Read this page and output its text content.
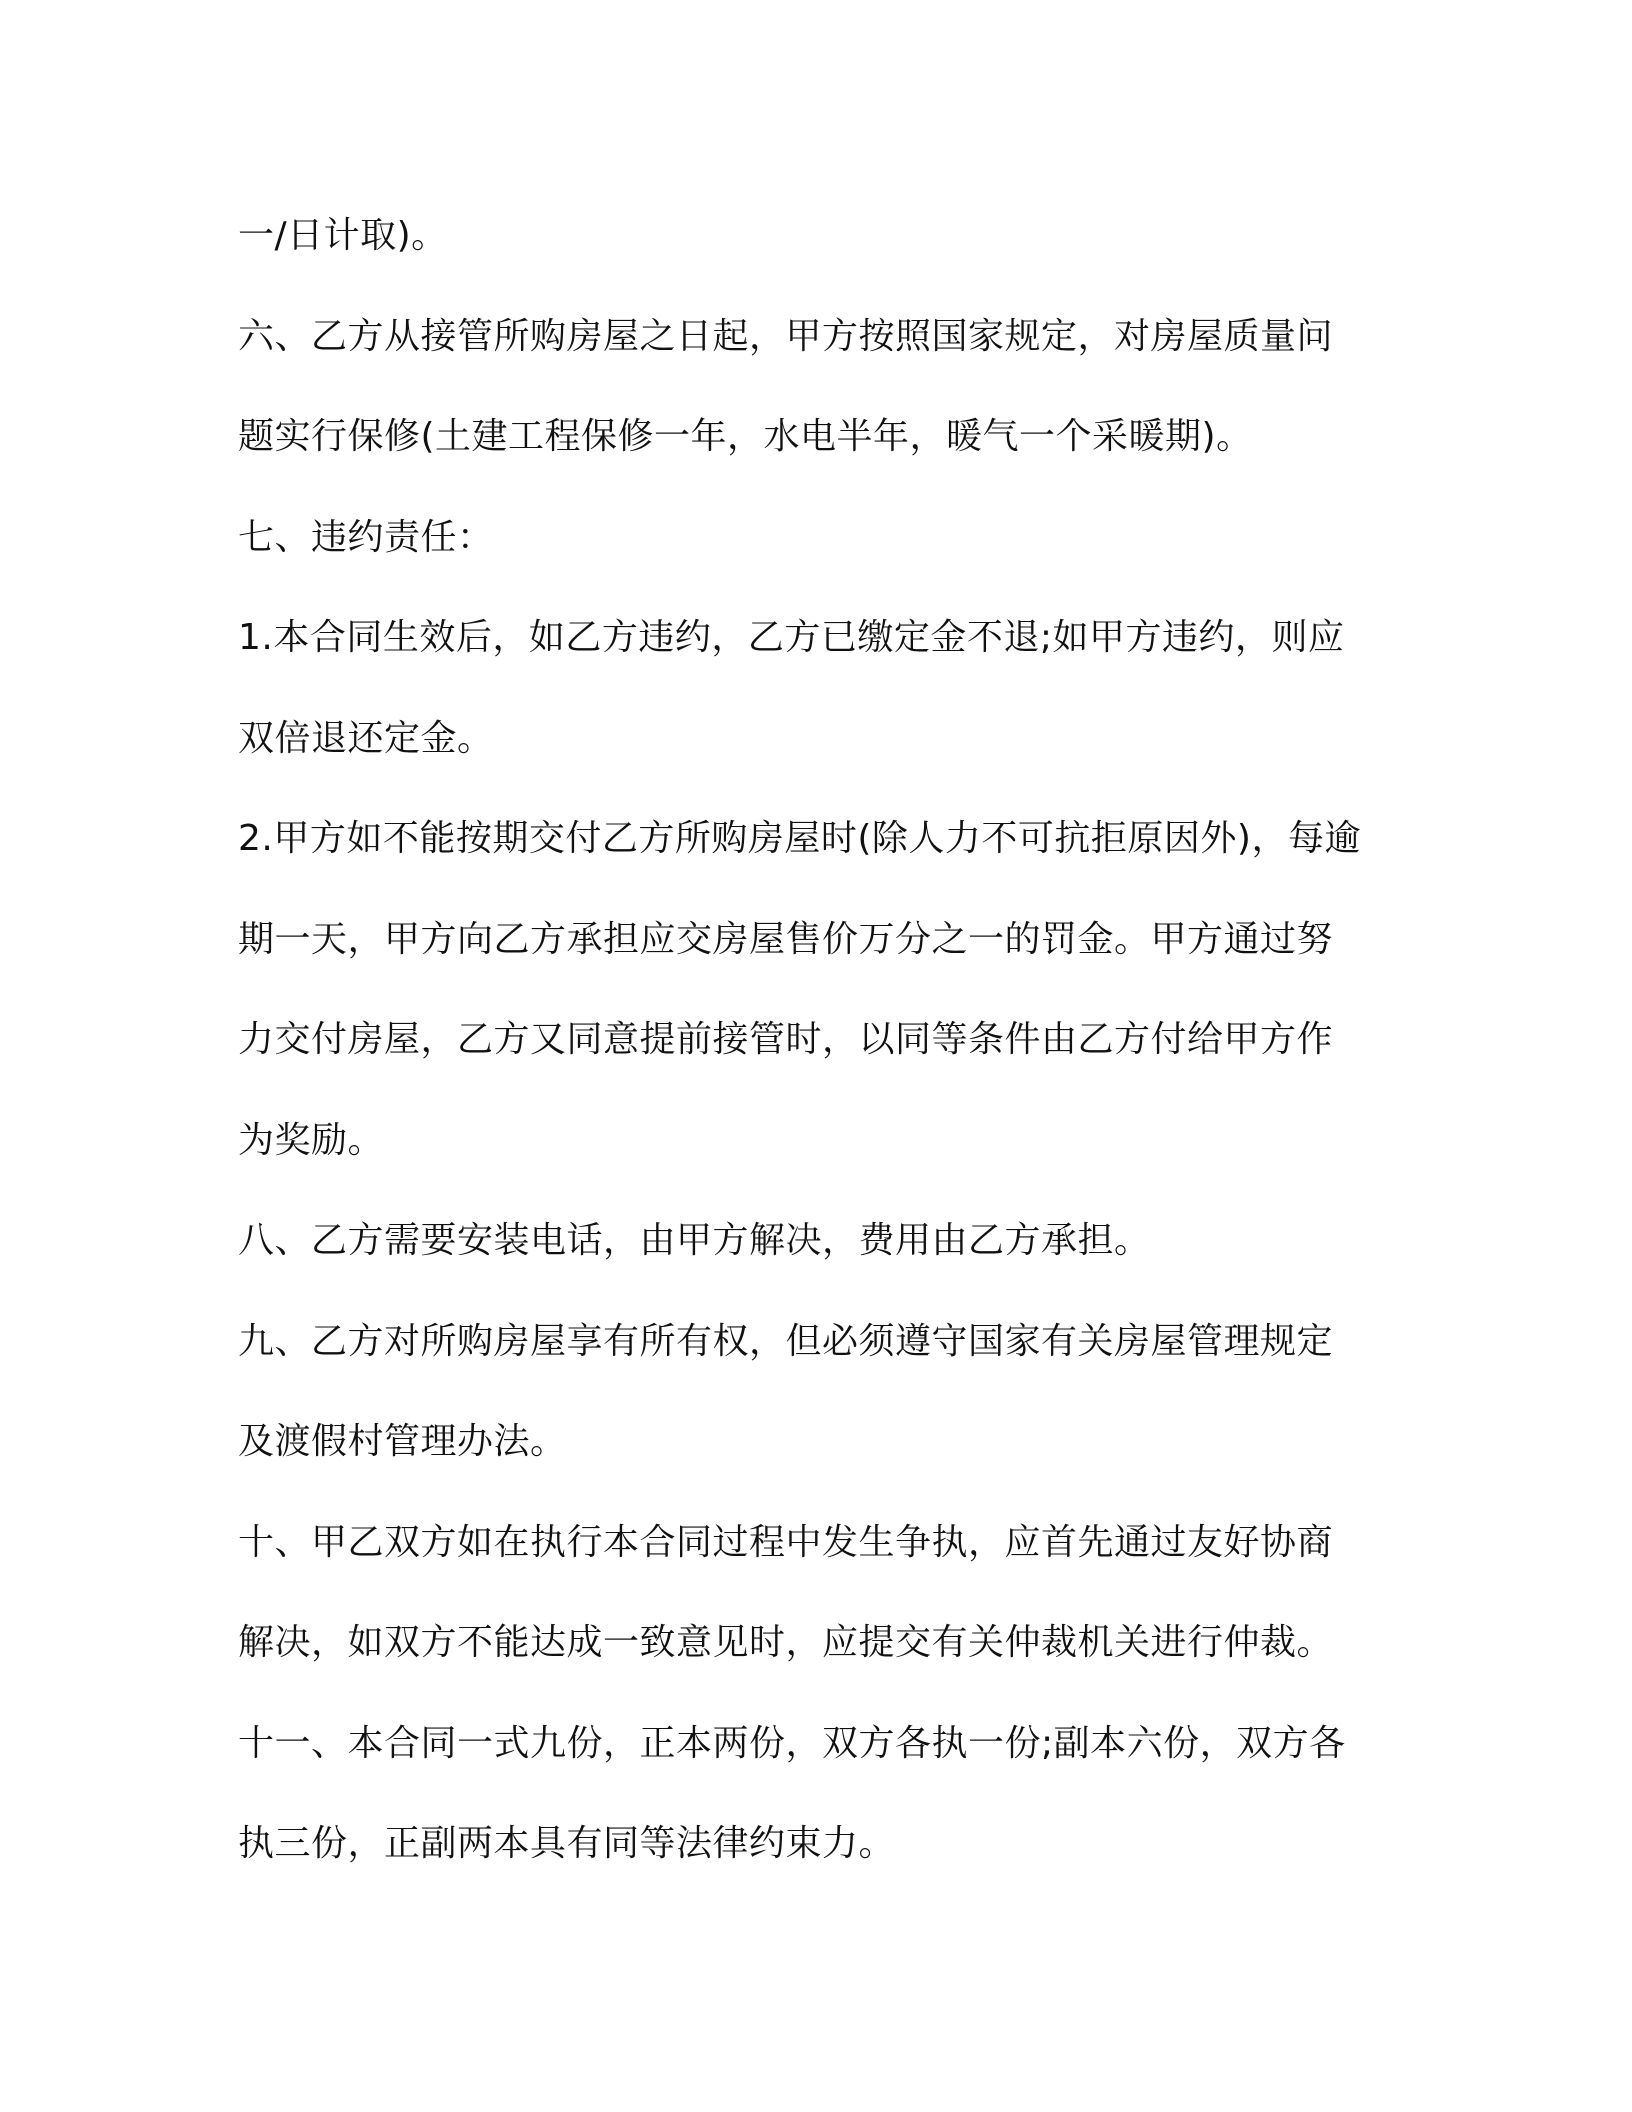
一/日计取)。
六、乙方从接管所购房屋之日起，甲方按照国家规定，对房屋质量问
题实行保修(土建工程保修一年，水电半年，暖气一个采暖期)。
七、违约责任：
1.本合同生效后，如乙方违约，乙方已缴定金不退;如甲方违约，则应
双倍退还定金。
2.甲方如不能按期交付乙方所购房屋时(除人力不可抗拒原因外)，每逾
期一天，甲方向乙方承担应交房屋售价万分之一的罚金。甲方通过努
力交付房屋，乙方又同意提前接管时，以同等条件由乙方付给甲方作
为奖励。
八、乙方需要安装电话，由甲方解决，费用由乙方承担。
九、乙方对所购房屋享有所有权，但必须遵守国家有关房屋管理规定
及渡假村管理办法。
十、甲乙双方如在执行本合同过程中发生争执，应首先通过友好协商
解决，如双方不能达成一致意见时，应提交有关仲裁机关进行仲裁。
十一、本合同一式九份，正本两份，双方各执一份;副本六份，双方各
执三份，正副两本具有同等法律约束力。
